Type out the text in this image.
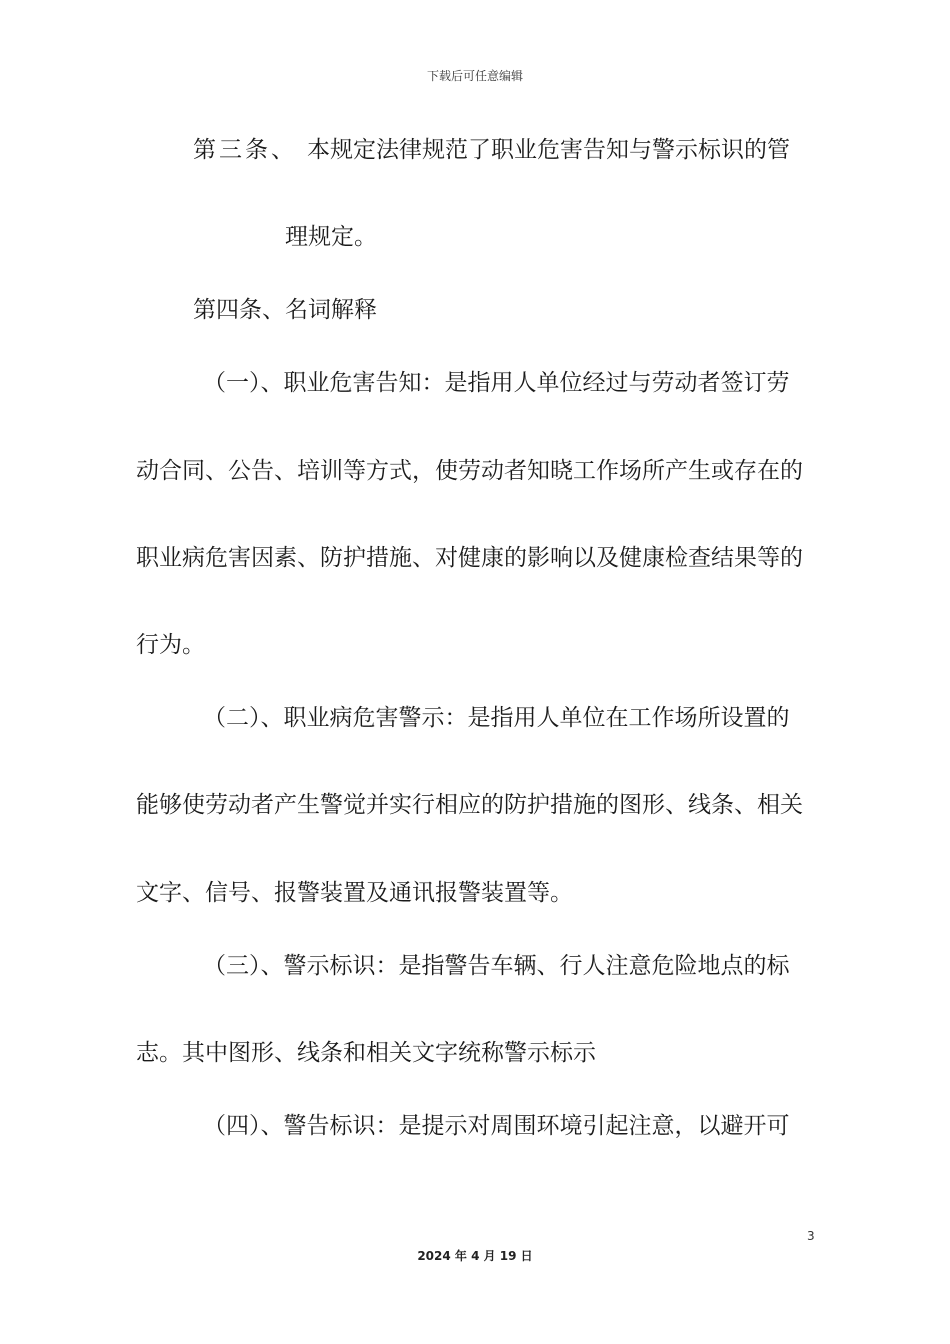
下载后可任意编辑
第三条、 本规定法律规范了职业危害告知与警示标识的管
理规定。
第四条、名词解释
（一）、职业危害告知：是指用人单位经过与劳动者签订劳
动合同、公告、培训等方式，使劳动者知晓工作场所产生或存在的
职业病危害因素、防护措施、对健康的影响以及健康检查结果等的
行为。
（二）、职业病危害警示：是指用人单位在工作场所设置的
能够使劳动者产生警觉并实行相应的防护措施的图形、线条、相关
文字、信号、报警装置及通讯报警装置等。
（三）、警示标识：是指警告车辆、行人注意危险地点的标
志。其中图形、线条和相关文字统称警示标示
（四）、警告标识：是提示对周围环境引起注意，以避开可
3
2024 年 4 月 19 日
